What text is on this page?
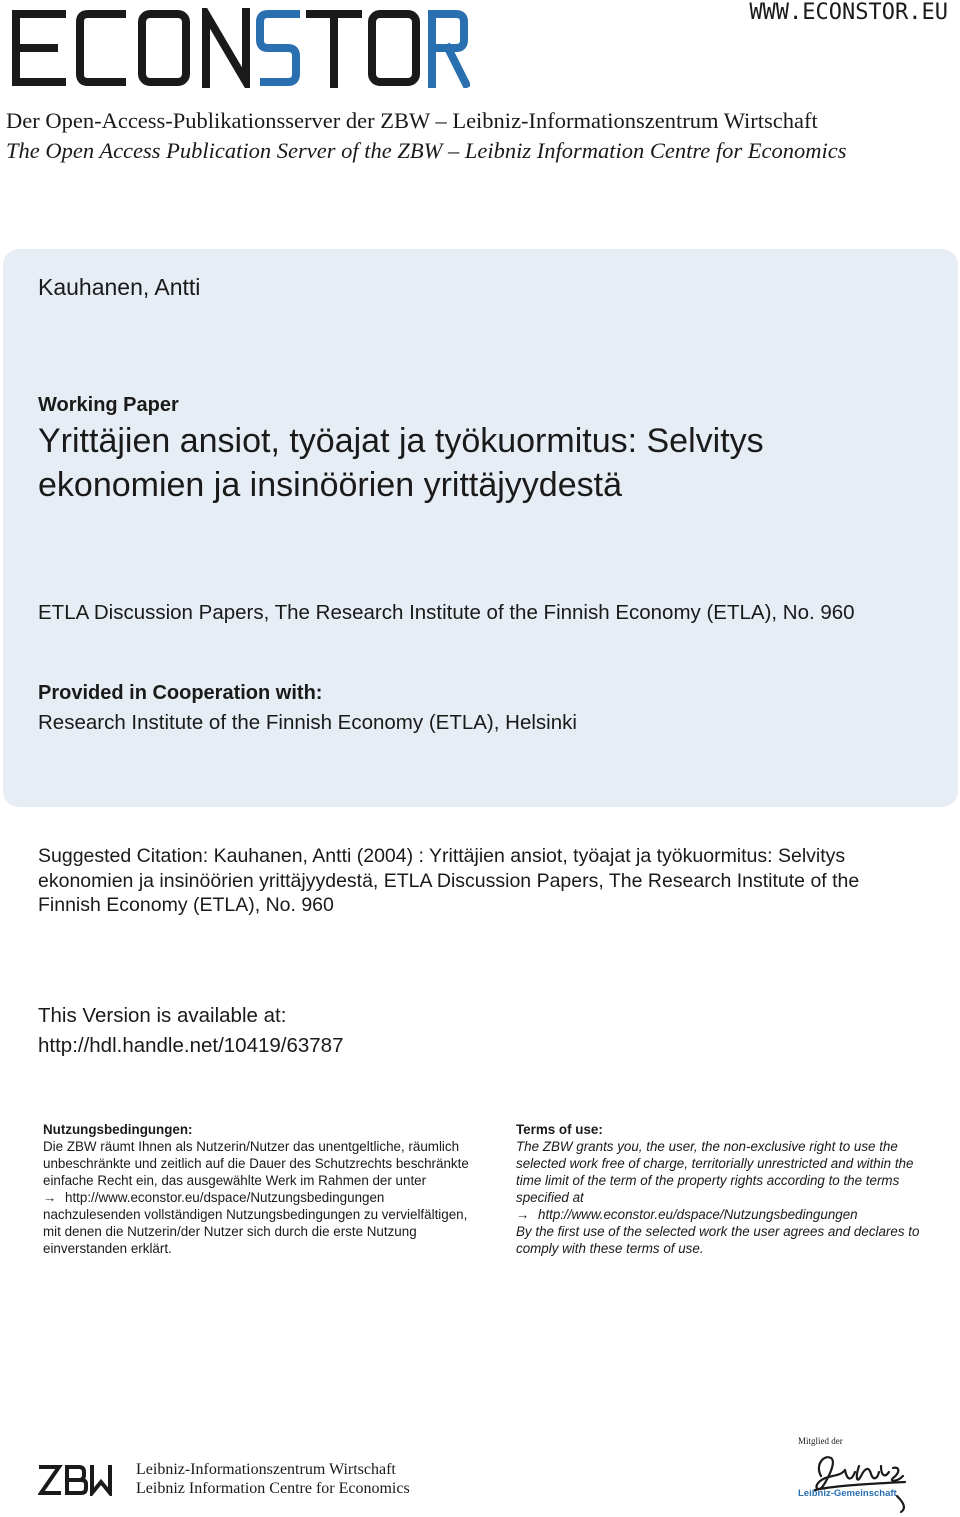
WWW.ECONSTOR.EU
Der Open-Access-Publikationsserver der ZBW – Leibniz-Informationszentrum Wirtschaft
The Open Access Publication Server of the ZBW – Leibniz Information Centre for Economics
Kauhanen, Antti
Working Paper
Yrittäjien ansiot, työajat ja työkuormitus: Selvitys
ekonomien ja insinöörien yrittäjyydestä
ETLA Discussion Papers, The Research Institute of the Finnish Economy (ETLA), No. 960
Provided in Cooperation with:
Research Institute of the Finnish Economy (ETLA), Helsinki
Suggested Citation: Kauhanen, Antti (2004) : Yrittäjien ansiot, työajat ja työkuormitus: Selvitys ekonomien ja insinöörien yrittäjyydestä, ETLA Discussion Papers, The Research Institute of the Finnish Economy (ETLA), No. 960
This Version is available at:
http://hdl.handle.net/10419/63787
Nutzungsbedingungen:
Die ZBW räumt Ihnen als Nutzerin/Nutzer das unentgeltliche, räumlich unbeschränkte und zeitlich auf die Dauer des Schutzrechts beschränkte einfache Recht ein, das ausgewählte Werk im Rahmen der unter
→ http://www.econstor.eu/dspace/Nutzungsbedingungen
nachzulesenden vollständigen Nutzungsbedingungen zu vervielfältigen, mit denen die Nutzerin/der Nutzer sich durch die erste Nutzung einverstanden erklärt.
Terms of use:
The ZBW grants you, the user, the non-exclusive right to use the selected work free of charge, territorially unrestricted and within the time limit of the term of the property rights according to the terms specified at
→ http://www.econstor.eu/dspace/Nutzungsbedingungen
By the first use of the selected work the user agrees and declares to comply with these terms of use.
Leibniz-Informationszentrum Wirtschaft
Leibniz Information Centre for Economics
Mitglied der
Leibniz-Gemeinschaft
